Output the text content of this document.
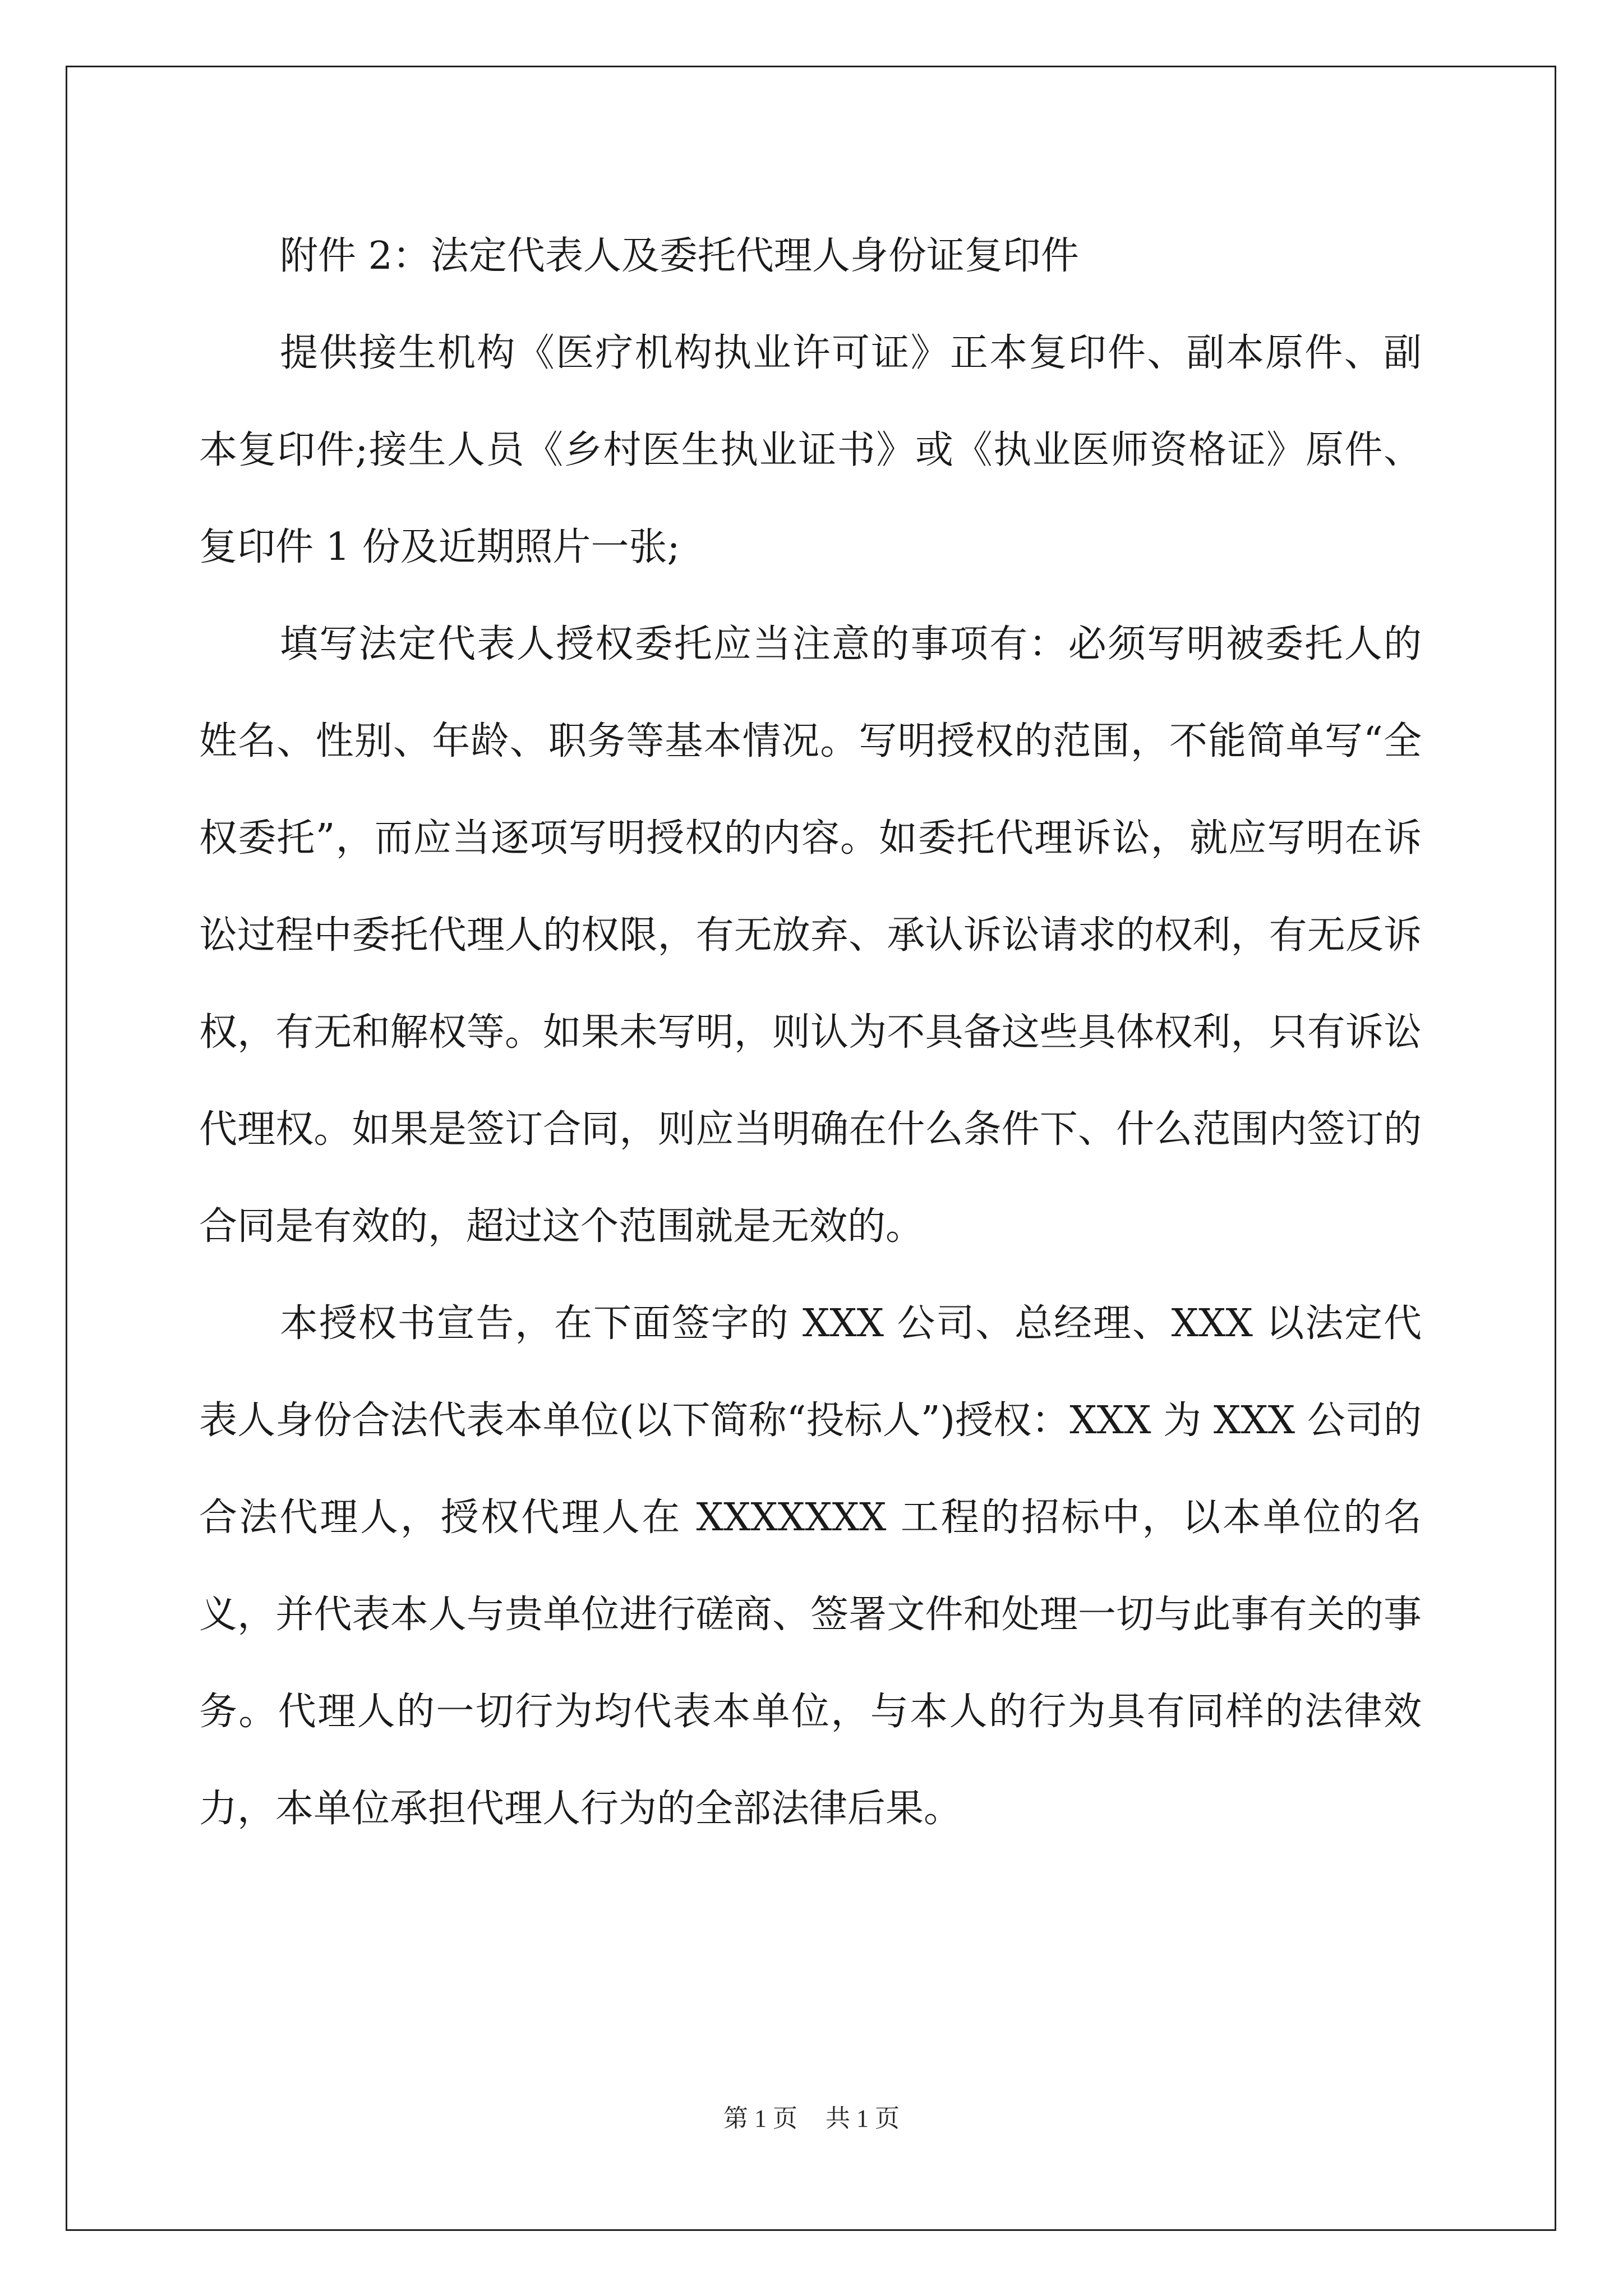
附件 2：法定代表人及委托代理人身份证复印件

提供接生机构《医疗机构执业许可证》正本复印件、副本原件、副本复印件;接生人员《乡村医生执业证书》或《执业医师资格证》原件、复印件 1 份及近期照片一张;

填写法定代表人授权委托应当注意的事项有：必须写明被委托人的姓名、性别、年龄、职务等基本情况。写明授权的范围，不能简单写“全权委托”，而应当逐项写明授权的内容。如委托代理诉讼，就应写明在诉讼过程中委托代理人的权限，有无放弃、承认诉讼请求的权利，有无反诉权，有无和解权等。如果未写明，则认为不具备这些具体权利，只有诉讼代理权。如果是签订合同，则应当明确在什么条件下、什么范围内签订的合同是有效的，超过这个范围就是无效的。

本授权书宣告，在下面签字的 XXX 公司、总经理、XXX 以法定代表人身份合法代表本单位(以下简称“投标人”)授权：XXX 为 XXX 公司的合法代理人，授权代理人在 XXXXXXX 工程的招标中，以本单位的名义，并代表本人与贵单位进行磋商、签署文件和处理一切与此事有关的事务。代理人的一切行为均代表本单位，与本人的行为具有同样的法律效力，本单位承担代理人行为的全部法律后果。

第 1 页 共 1 页
